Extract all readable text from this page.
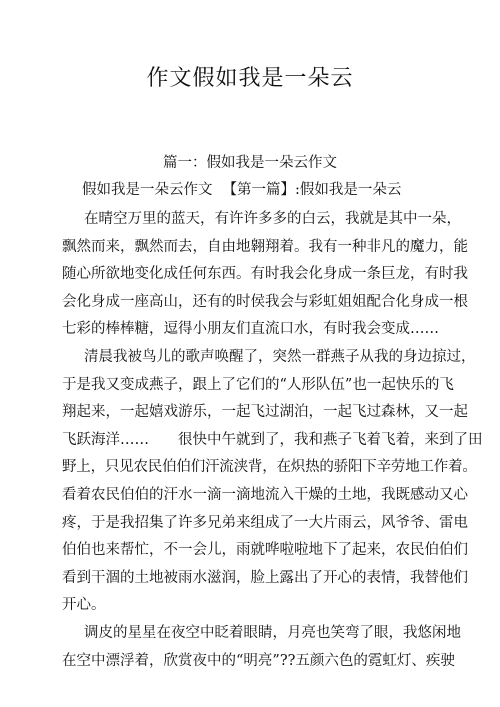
作文假如我是一朵云

篇一：假如我是一朵云作文

假如我是一朵云作文 【第一篇】:假如我是一朵云

在晴空万里的蓝天，有许许多多的白云，我就是其中一朵，
飘然而来，飘然而去，自由地翱翔着。我有一种非凡的魔力，能
随心所欲地变化成任何东西。有时我会化身成一条巨龙，有时我
会化身成一座高山，还有的时侯我会与彩虹姐姐配合化身成一根
七彩的棒棒糖，逗得小朋友们直流口水，有时我会变成……
清晨我被鸟儿的歌声唤醒了，突然一群燕子从我的身边掠过，
于是我又变成燕子，跟上了它们的“人形队伍”也一起快乐的飞
翔起来，一起嬉戏游乐，一起飞过湖泊，一起飞过森林，又一起
飞跃海洋……　　很快中午就到了，我和燕子飞着飞着，来到了田
野上，只见农民伯伯们汗流浃背，在炽热的骄阳下辛劳地工作着。
看着农民伯伯的汗水一滴一滴地流入干燥的土地，我既感动又心
疼，于是我招集了许多兄弟来组成了一大片雨云，风爷爷、雷电
伯伯也来帮忙，不一会儿，雨就哗啦啦地下了起来，农民伯伯们
看到干涸的土地被雨水滋润，脸上露出了开心的表情，我替他们
开心。
调皮的星星在夜空中眨着眼睛，月亮也笑弯了眼，我悠闲地
在空中漂浮着，欣赏夜中的“明亮”??五颜六色的霓虹灯、疾驶
